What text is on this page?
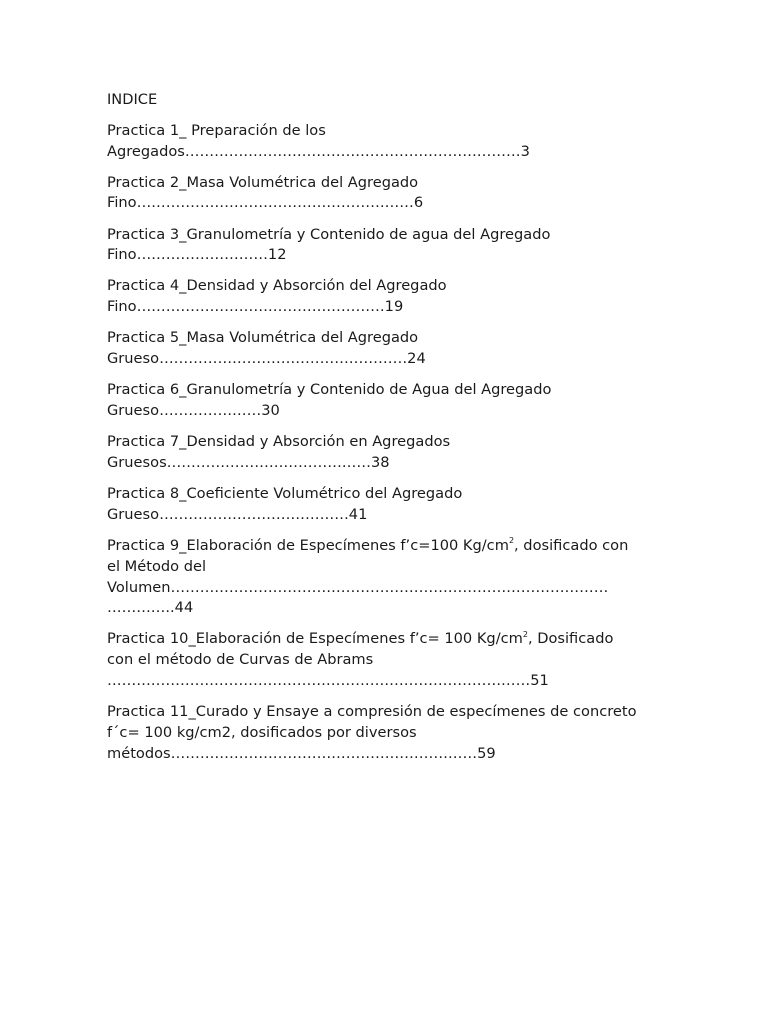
INDICE
Practica 1_ Preparación de los
Agregados……………………………………………………………3
Practica 2_Masa Volumétrica del Agregado
Fino…………………………………………………6
Practica 3_Granulometría y Contenido de agua del Agregado
Fino………………………12
Practica 4_Densidad y Absorción del Agregado
Fino……………………………………………19
Practica 5_Masa Volumétrica del Agregado
Grueso……………………………………………24
Practica 6_Granulometría y Contenido de Agua del Agregado
Grueso…………………30
Practica 7_Densidad y Absorción en Agregados
Gruesos……………………………………38
Practica 8_Coeficiente Volumétrico del Agregado
Grueso…………………………………41
Practica 9_Elaboración de Especímenes f’c=100 $Kg/cm^2$, dosificado con
el Método del
Volumen………………………………………………………………………………
…………..44
Practica 10_Elaboración de Especímenes f’c= 100 $Kg/cm^2$, Dosificado
con el método de Curvas de Abrams
……………………………………………………………………………51
Practica 11_Curado y Ensaye a compresión de especímenes de concreto
f´c= 100 kg/cm2, dosificados por diversos
métodos………………………………………………………59
